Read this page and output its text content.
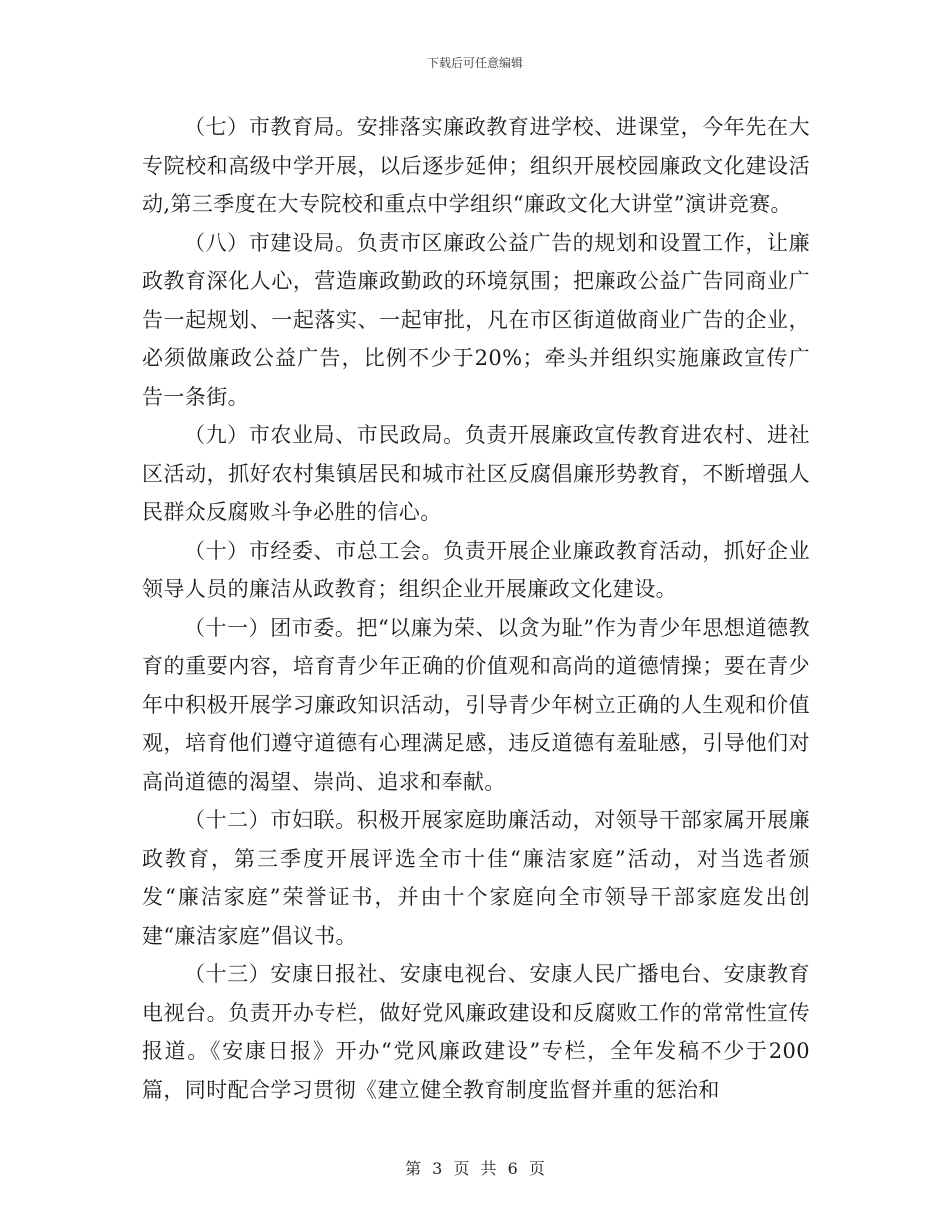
下载后可任意编辑

（七）市教育局。安排落实廉政教育进学校、进课堂，今年先在大专院校和高级中学开展，以后逐步延伸；组织开展校园廉政文化建设活动,第三季度在大专院校和重点中学组织“廉政文化大讲堂”演讲竞赛。

（八）市建设局。负责市区廉政公益广告的规划和设置工作，让廉政教育深化人心，营造廉政勤政的环境氛围；把廉政公益广告同商业广告一起规划、一起落实、一起审批，凡在市区街道做商业广告的企业，必须做廉政公益广告，比例不少于20%；牵头并组织实施廉政宣传广告一条街。

（九）市农业局、市民政局。负责开展廉政宣传教育进农村、进社区活动，抓好农村集镇居民和城市社区反腐倡廉形势教育，不断增强人民群众反腐败斗争必胜的信心。

（十）市经委、市总工会。负责开展企业廉政教育活动，抓好企业领导人员的廉洁从政教育；组织企业开展廉政文化建设。

（十一）团市委。把“以廉为荣、以贪为耻”作为青少年思想道德教育的重要内容，培育青少年正确的价值观和高尚的道德情操；要在青少年中积极开展学习廉政知识活动，引导青少年树立正确的人生观和价值观，培育他们遵守道德有心理满足感，违反道德有羞耻感，引导他们对高尚道德的渴望、崇尚、追求和奉献。

（十二）市妇联。积极开展家庭助廉活动，对领导干部家属开展廉政教育，第三季度开展评选全市十佳“廉洁家庭”活动，对当选者颁发“廉洁家庭”荣誉证书，并由十个家庭向全市领导干部家庭发出创建“廉洁家庭”倡议书。

（十三）安康日报社、安康电视台、安康人民广播电台、安康教育电视台。负责开办专栏，做好党风廉政建设和反腐败工作的常常性宣传报道。《安康日报》开办“党风廉政建设”专栏，全年发稿不少于200篇，同时配合学习贯彻《建立健全教育制度监督并重的惩治和

第 3 页 共 6 页
